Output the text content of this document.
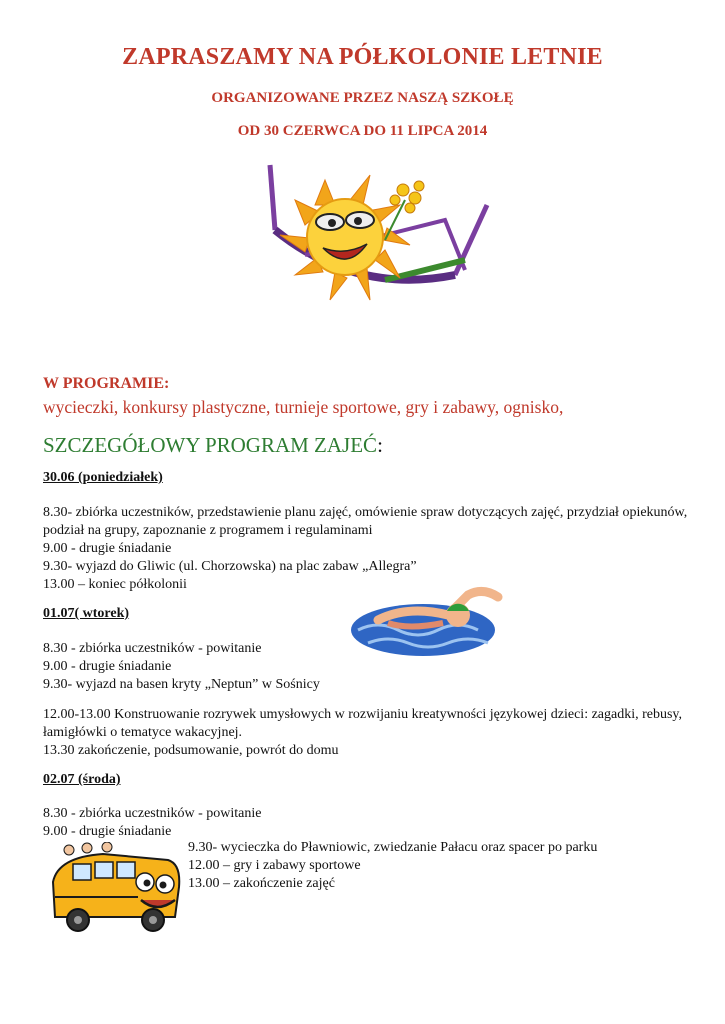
ZAPRASZAMY NA PÓŁKOLONIE LETNIE
ORGANIZOWANE PRZEZ NASZĄ SZKOŁĘ
OD 30 CZERWCA DO 11 LIPCA 2014
W PROGRAMIE:
wycieczki, konkursy plastyczne, turnieje sportowe, gry i zabawy, ognisko,
SZCZEGÓŁOWY PROGRAM ZAJEĆ:
30.06 (poniedziałek)
8.30- zbiórka uczestników, przedstawienie planu zajęć, omówienie spraw dotyczących zajęć, przydział opiekunów, podział na grupy, zapoznanie z programem i regulaminami
9.00 - drugie śniadanie
9.30- wyjazd do Gliwic (ul. Chorzowska) na plac zabaw „Allegra”
13.00 – koniec półkolonii
01.07( wtorek)
8.30 - zbiórka uczestników - powitanie
9.00 - drugie śniadanie
9.30- wyjazd na basen kryty „Neptun” w Sośnicy
12.00-13.00 Konstruowanie rozrywek umysłowych w rozwijaniu kreatywności językowej dzieci: zagadki, rebusy, łamigłówki o tematyce wakacyjnej.
13.30 zakończenie, podsumowanie, powrót do domu
02.07 (środa)
8.30 - zbiórka uczestników - powitanie
9.00 - drugie śniadanie
9.30- wycieczka do Pławniowic, zwiedzanie Pałacu oraz spacer po parku
12.00 – gry i zabawy sportowe
13.00 – zakończenie zajęć
